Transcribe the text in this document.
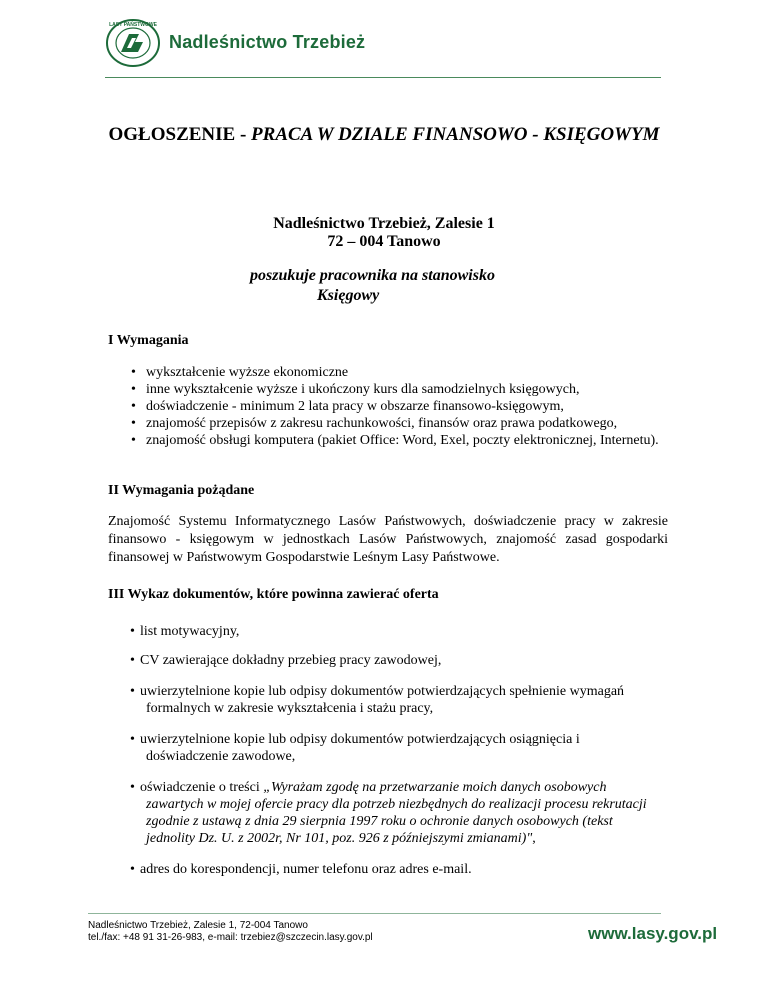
LASY PAŃSTWOWE
Nadleśnictwo Trzebież
OGŁOSZENIE - PRACA W DZIALE FINANSOWO - KSIĘGOWYM
Nadleśnictwo Trzebież, Zalesie 1
72 – 004 Tanowo
poszukuje pracownika na stanowisko
Księgowy
I Wymagania
• wykształcenie wyższe ekonomiczne
• inne wykształcenie wyższe i ukończony kurs dla samodzielnych księgowych,
• doświadczenie - minimum 2 lata pracy w obszarze finansowo-księgowym,
• znajomość przepisów z zakresu rachunkowości, finansów oraz prawa podatkowego,
• znajomość obsługi komputera (pakiet Office: Word, Exel, poczty elektronicznej, Internetu).
II Wymagania pożądane
Znajomość Systemu Informatycznego Lasów Państwowych, doświadczenie pracy w zakresie finansowo - księgowym w jednostkach Lasów Państwowych, znajomość zasad gospodarki finansowej w Państwowym Gospodarstwie Leśnym Lasy Państwowe.
III Wykaz dokumentów, które powinna zawierać oferta
• list motywacyjny,
• CV zawierające dokładny przebieg pracy zawodowej,
• uwierzytelnione kopie lub odpisy dokumentów potwierdzających spełnienie wymagań
formalnych w zakresie wykształcenia i stażu pracy,
• uwierzytelnione kopie lub odpisy dokumentów potwierdzających osiągnięcia i
doświadczenie zawodowe,
• oświadczenie o treści „Wyrażam zgodę na przetwarzanie moich danych osobowych
zawartych w mojej ofercie pracy dla potrzeb niezbędnych do realizacji procesu rekrutacji
zgodnie z ustawą z dnia 29 sierpnia 1997 roku o ochronie danych osobowych (tekst
jednolity Dz. U. z 2002r, Nr 101, poz. 926 z późniejszymi zmianami)",
• adres do korespondencji, numer telefonu oraz adres e-mail.
Nadleśnictwo Trzebież, Zalesie 1, 72-004 Tanowo
tel./fax: +48 91 31-26-983, e-mail: trzebiez@szczecin.lasy.gov.pl	www.lasy.gov.pl
